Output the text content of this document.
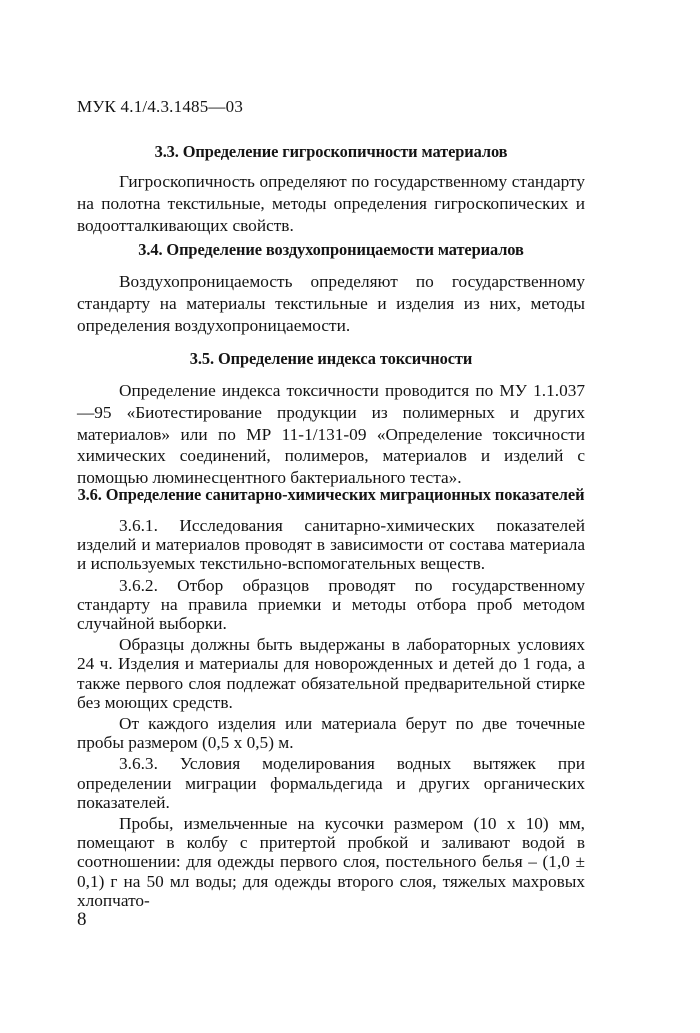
МУК 4.1/4.3.1485—03
3.3. Определение гигроскопичности материалов

Гигроскопичность определяют по государственному стандарту на полотна текстильные, методы определения гигроскопических и водоотталкивающих свойств.

3.4. Определение воздухопроницаемости материалов

Воздухопроницаемость определяют по государственному стандарту на материалы текстильные и изделия из них, методы определения воздухопроницаемости.

3.5. Определение индекса токсичности

Определение индекса токсичности проводится по МУ 1.1.037—95 «Биотестирование продукции из полимерных и других материалов» или по МР 11-1/131-09 «Определение токсичности химических соединений, полимеров, материалов и изделий с помощью люминесцентного бактериального теста».

3.6. Определение санитарно-химических миграционных показателей

3.6.1. Исследования санитарно-химических показателей изделий и материалов проводят в зависимости от состава материала и используемых текстильно-вспомогательных веществ.

3.6.2. Отбор образцов проводят по государственному стандарту на правила приемки и методы отбора проб методом случайной выборки.

Образцы должны быть выдержаны в лабораторных условиях 24 ч. Изделия и материалы для новорожденных и детей до 1 года, а также первого слоя подлежат обязательной предварительной стирке без моющих средств.

От каждого изделия или материала берут по две точечные пробы размером (0,5 х 0,5) м.

3.6.3. Условия моделирования водных вытяжек при определении миграции формальдегида и других органических показателей.

Пробы, измельченные на кусочки размером (10 х 10) мм, помещают в колбу с притертой пробкой и заливают водой в соотношении: для одежды первого слоя, постельного белья – (1,0 ± 0,1) г на 50 мл воды; для одежды второго слоя, тяжелых махровых хлопчато-

8
